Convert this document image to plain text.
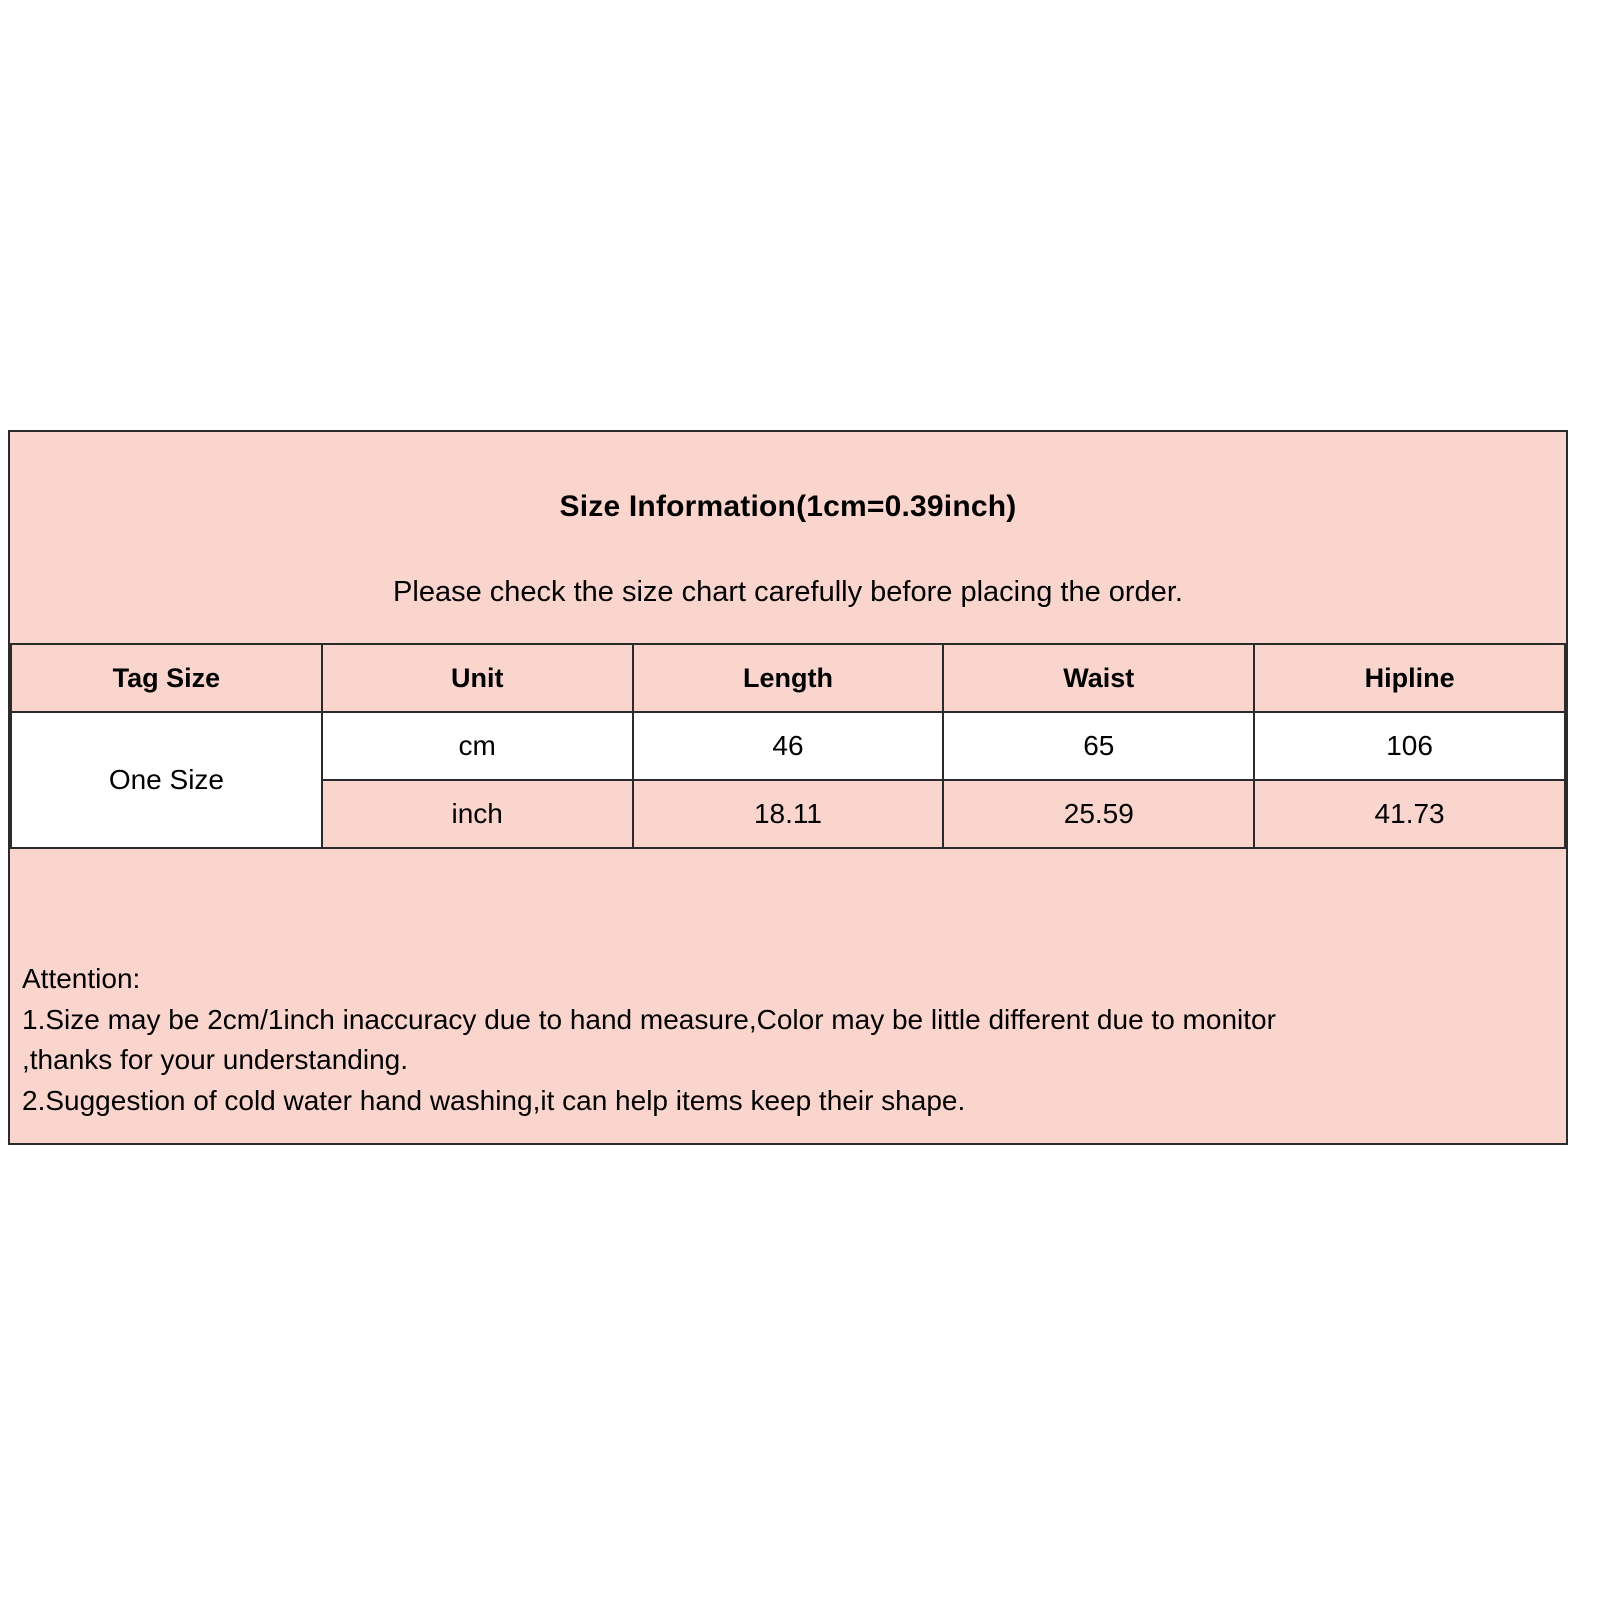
Size Information(1cm=0.39inch)
Please check the size chart carefully before placing the order.
Tag Size	Unit	Length	Waist	Hipline
One Size	cm	46	65	106
	inch	18.11	25.59	41.73
Attention:
1.Size may be 2cm/1inch inaccuracy due to hand measure,Color may be little different due to monitor
,thanks for your understanding.
2.Suggestion of cold water hand washing,it can help items keep their shape.
